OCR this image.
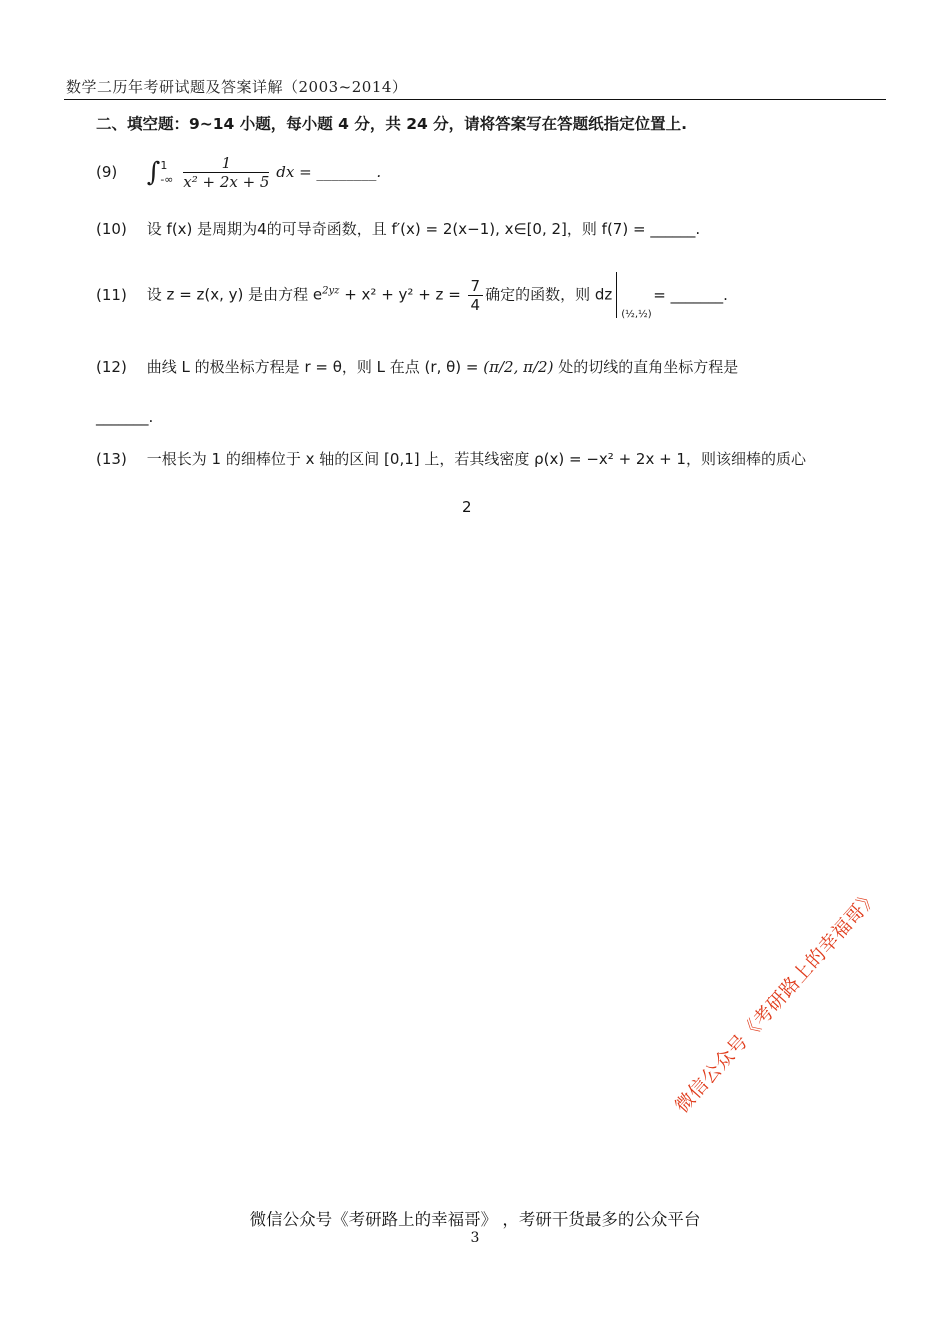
数学二历年考研试题及答案详解（2003~2014）
二、填空题：9~14 小题，每小题 4 分，共 24 分，请将答案写在答题纸指定位置上.
(9) ∫ 1
-∞
$\frac{1}{\text{x² + 2x + 5}}$ dx = ________.
(10) 设 f(x) 是周期为4的可导奇函数，且 f′(x) = 2(x−1), x∈[0, 2]，则 f(7) = ______.
(11) 设 z = z(x, y) 是由方程 $e^{2yz} + x^2 + y^2 + z = \frac{7}{4}$ 确定的函数，则 dz
(½,½)
= _______.
(12) 曲线 L 的极坐标方程是 r = θ，则 L 在点 (r, θ) = (π/2, π/2) 处的切线的直角坐标方程是
_______.
(13) 一根长为 1 的细棒位于 x 轴的区间 [0,1] 上，若其线密度 ρ(x) = −x² + 2x + 1，则该细棒的质心
2
微信公众号《考研路上的幸福哥》
微信公众号《考研路上的幸福哥》 ，考研干货最多的公众平台
3
